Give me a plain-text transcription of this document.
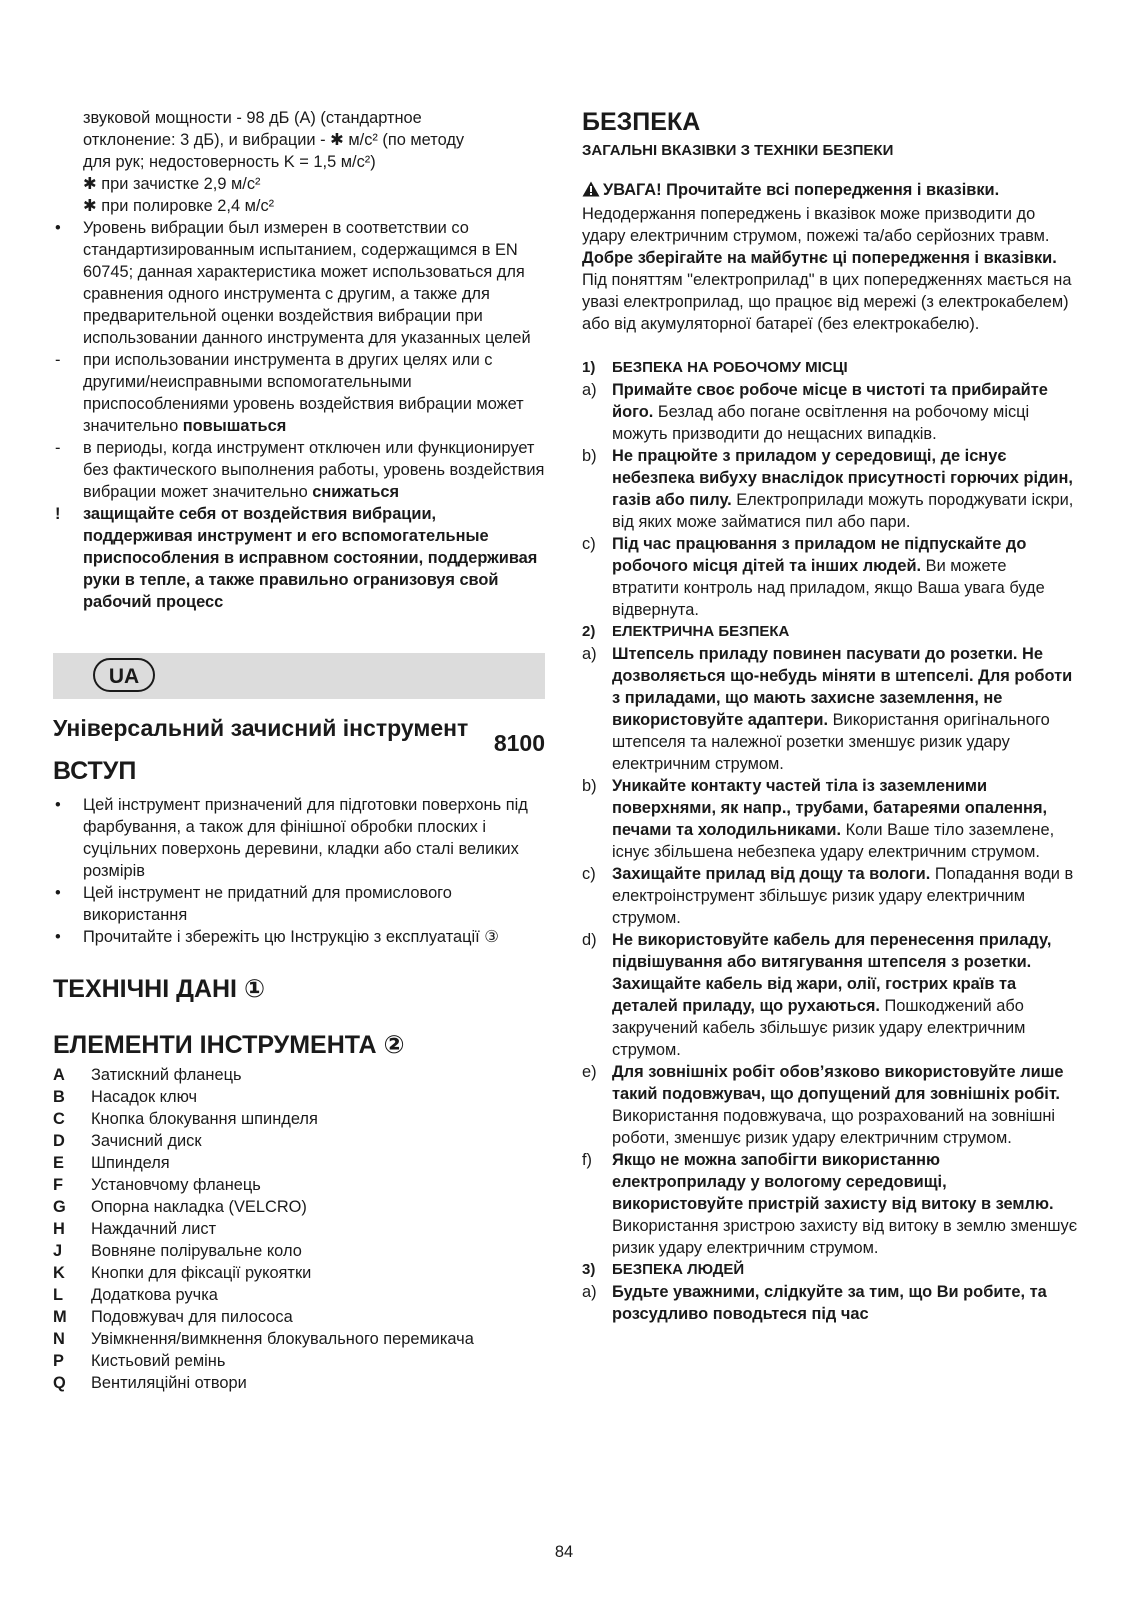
звуковой мощности - 98 дБ (A) (стандартное
отклонение: 3 дБ), и вибрации - ✱ м/с² (по методу
для рук; недостоверность K = 1,5 м/с²)
✱ при зачистке 2,9 м/с²
✱ при полировке 2,4 м/с²
• Уровень вибрации был измерен в соответствии со стандартизированным испытанием, содержащимся в EN 60745; данная характеристика может использоваться для сравнения одного инструмента с другим, а также для предварительной оценки воздействия вибрации при использовании данного инструмента для указанных целей
- при использовании инструмента в других целях или с другими/неисправными вспомогательными приспособлениями уровень воздействия вибрации может значительно повышаться
- в периоды, когда инструмент отключен или функционирует без фактического выполнения работы, уровень воздействия вибрации может значительно снижаться
! защищайте себя от воздействия вибрации, поддерживая инструмент и его вспомогательные приспособления в исправном состоянии, поддерживая руки в тепле, а также правильно огранизовуя свой рабочий процесс
UA
Універсальний зачисний інструмент
8100
ВСТУП
• Цей інструмент призначений для підготовки поверхонь під фарбування, а також для фінішної обробки плоских і суцільних поверхонь деревини, кладки або сталі великих розмірів
• Цей інструмент не придатний для промислового використання
• Прочитайте і збережіть цю Інструкцію з експлуатації ③
ТЕХНІЧНІ ДАНІ ①
ЕЛЕМЕНТИ ІНСТРУМЕНТА ②
A	Затискний фланець
B	Насадок ключ
C	Кнопка блокування шпинделя
D	Зачисний диск
E	Шпинделя
F	Установчому фланець
G	Опорна накладка (VELCRO)
H	Наждачний лист
J	Вовняне полірувальне коло
K	Кнопки для фіксації рукоятки
L	Додаткова ручка
M	Подовжувач для пилососа
N	Увімкнення/вимкнення блокувального перемикача
P	Кистьовий ремінь
Q	Вентиляційні отвори
БЕЗПЕКА
ЗАГАЛЬНІ ВКАЗІВКИ З ТЕХНІКИ БЕЗПЕКИ
УВАГА! Прочитайте всі попередження і вказівки. Недодержання попереджень і вказівок може призводити до удару електричним струмом, пожежі та/або серйозних травм. Добре зберігайте на майбутнє ці попередження і вказівки. Під поняттям "електроприлад" в цих попередженнях мається на увазі електроприлад, що працює від мережі (з електрокабелем) або від акумуляторної батареї (без електрокабелю).
1) БЕЗПЕКА НА РОБОЧОМУ МІСЦІ
a) Примайте своє робоче місце в чистоті та прибирайте його. Безлад або погане освітлення на робочому місці можуть призводити до нещасних випадків.
b) Не працюйте з приладом у середовищі, де існує небезпека вибуху внаслідок присутності горючих рідин, газів або пилу. Електроприлади можуть породжувати іскри, від яких може займатися пил або пари.
c) Під час працювання з приладом не підпускайте до робочого місця дітей та інших людей. Ви можете втратити контроль над приладом, якщо Ваша увага буде відвернута.
2) ЕЛЕКТРИЧНА БЕЗПЕКА
a) Штепсель приладу повинен пасувати до розетки. Не дозволяється що-небудь міняти в штепселі. Для роботи з приладами, що мають захисне заземлення, не використовуйте адаптери. Використання оригінального штепселя та належної розетки зменшує ризик удару електричним струмом.
b) Уникайте контакту частей тіла із заземленими поверхнями, як напр., трубами, батареями опалення, печами та холодильниками. Коли Ваше тіло заземлене, існує збільшена небезпека удару електричним струмом.
c) Захищайте прилад від дощу та вологи. Попадання води в електроінструмент збільшує ризик удару електричним струмом.
d) Не використовуйте кабель для перенесення приладу, підвішування або витягування штепселя з розетки. Захищайте кабель від жари, олії, гострих країв та деталей приладу, що рухаються. Пошкоджений або закручений кабель збільшує ризик удару електричним струмом.
e) Для зовнішніх робіт обов’язково використовуйте лише такий подовжувач, що допущений для зовнішніх робіт. Використання подовжувача, що розрахований на зовнішні роботи, зменшує ризик удару електричним струмом.
f) Якщо не можна запобігти використанню електроприладу у вологому середовищі, використовуйте пристрій захисту від витоку в землю. Використання зристрою захисту від витоку в землю зменшує ризик удару електричним струмом.
3) БЕЗПЕКА ЛЮДЕЙ
a) Будьте уважними, слідкуйте за тим, що Ви робите, та розсудливо поводьтеся під час
84
